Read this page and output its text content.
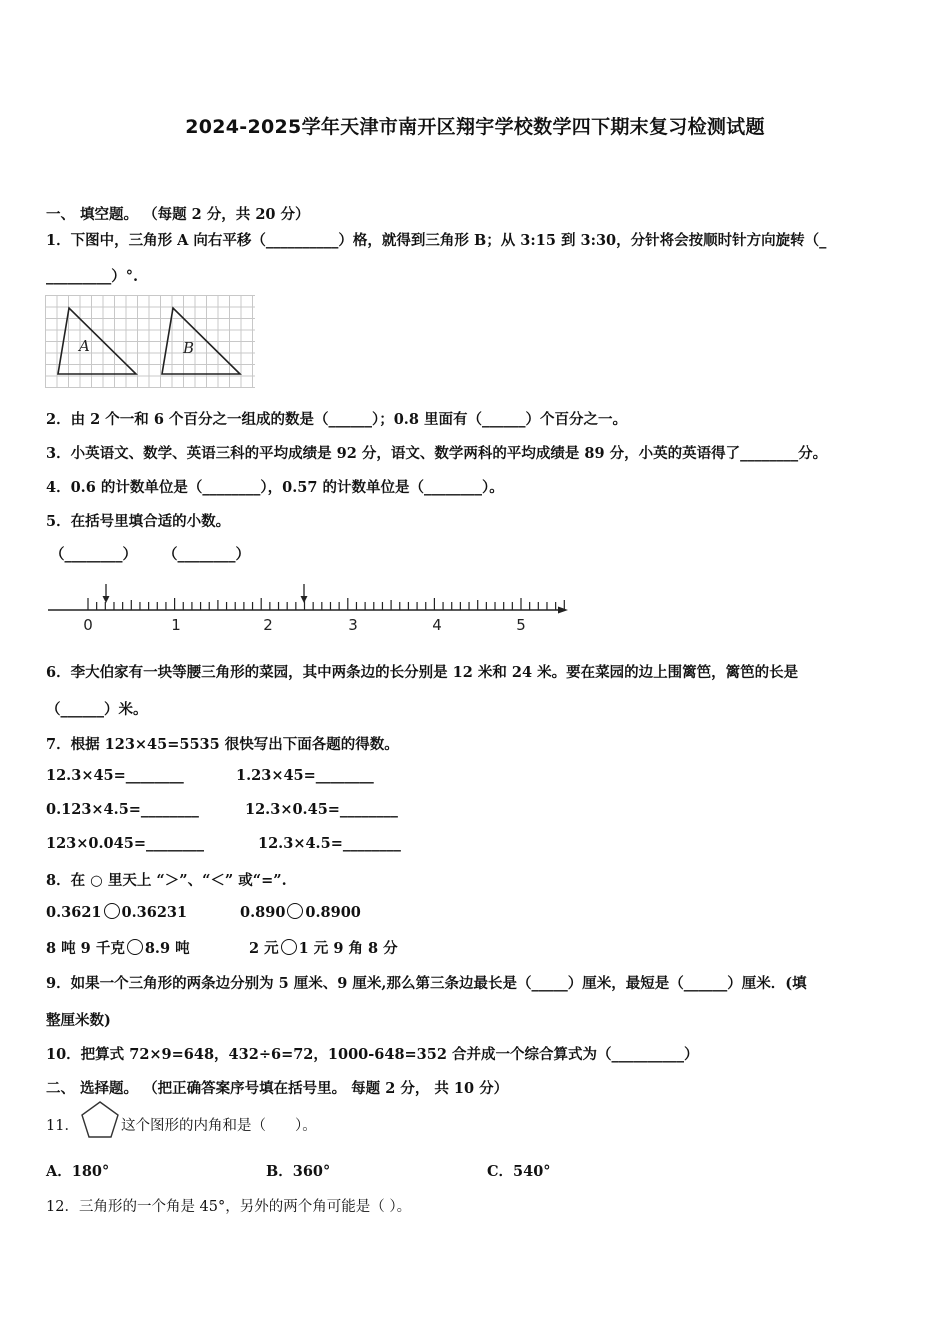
2024-2025学年天津市南开区翔宇学校数学四下期末复习检测试题
一、 填空题。 （每题 2 分，共 20 分）
1．下图中，三角形 A 向右平移（__________）格，就得到三角形 B；从 3:15 到 3:30，分针将会按顺时针方向旋转（_
_________）°.
A	B
2．由 2 个一和 6 个百分之一组成的数是（______）；0.8 里面有（______）个百分之一。
3．小英语文、数学、英语三科的平均成绩是 92 分，语文、数学两科的平均成绩是 89 分，小英的英语得了________分。
4．0.6 的计数单位是（________），0.57 的计数单位是（________）。
5．在括号里填合适的小数。
（________） （________）
0	1	2	3	4	5
6．李大伯家有一块等腰三角形的菜园，其中两条边的长分别是 12 米和 24 米。要在菜园的边上围篱笆，篱笆的长是
（______）米。
7．根据 123×45=5535 很快写出下面各题的得数。
12.3×45=________	1.23×45=________
0.123×4.5=________	12.3×0.45=________
123×0.045=________	12.3×4.5=________
8．在 ○ 里天上 “＞”、“＜” 或“=”.
0.3621 0.36231	0.890 0.8900
8 吨 9 千克 8.9 吨	2 元 1 元 9 角 8 分
9．如果一个三角形的两条边分别为 5 厘米、9 厘米,那么第三条边最长是（_____）厘米，最短是（______）厘米．(填
整厘米数)
10．把算式 72×9=648，432÷6=72，1000-648=352 合并成一个综合算式为（__________）
二、 选择题。 （把正确答案序号填在括号里。 每题 2 分， 共 10 分）
11．	这个图形的内角和是（　　）。
A．180°	B．360°	C．540°
12．三角形的一个角是 45°，另外的两个角可能是（ ）。
